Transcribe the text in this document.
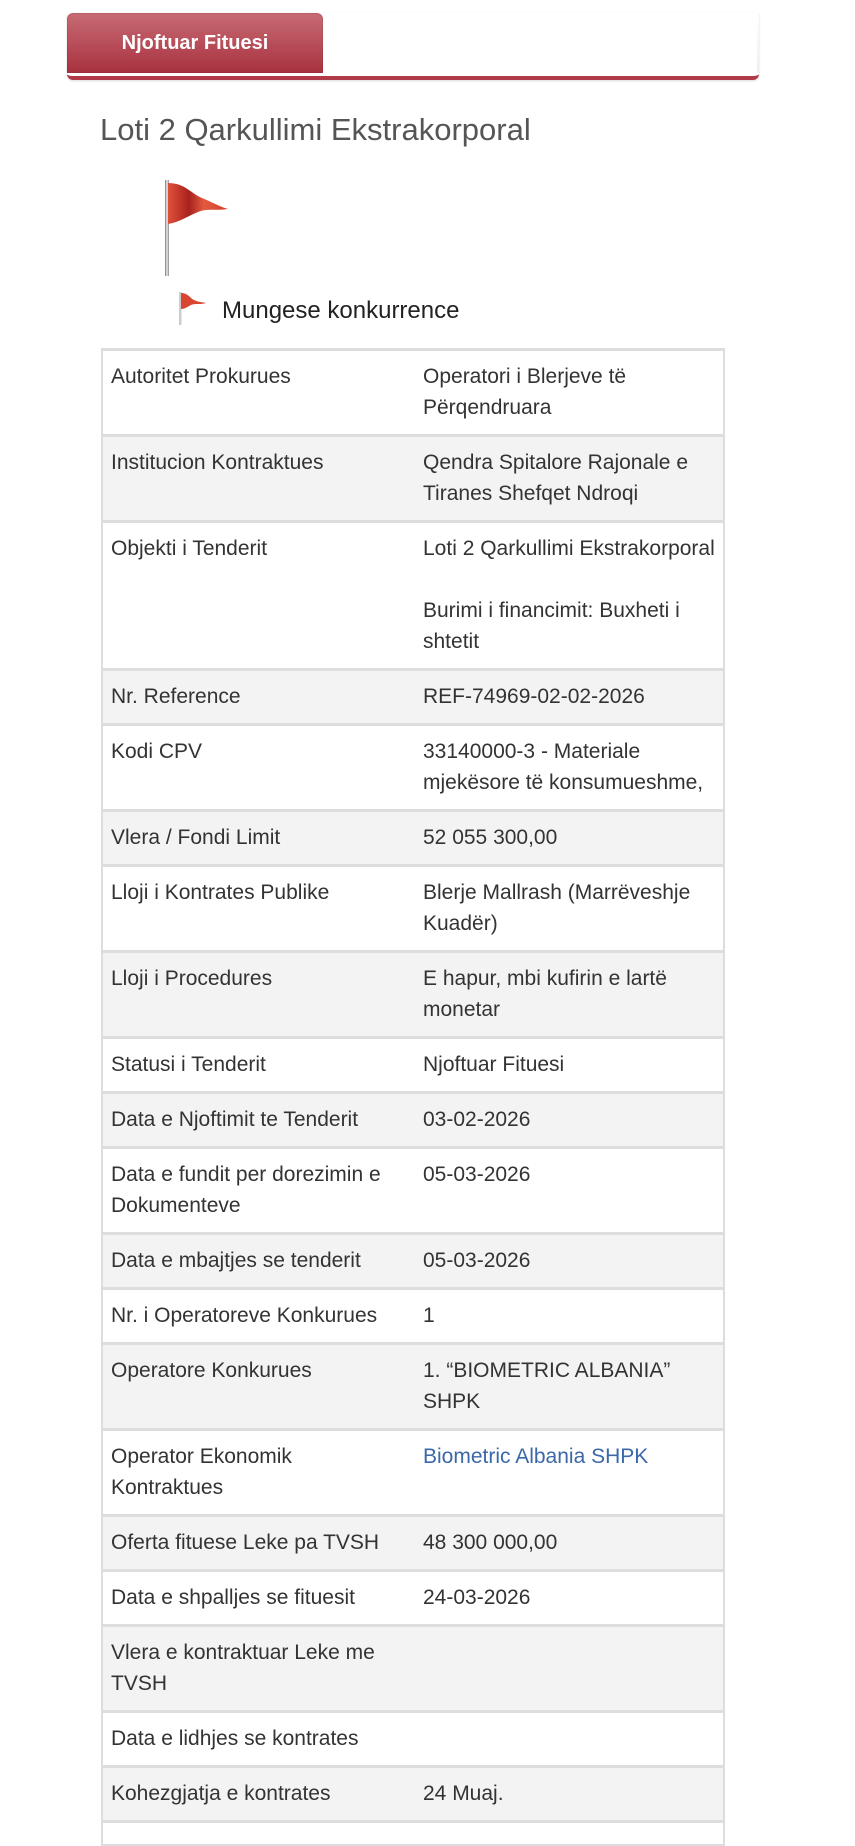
Njoftuar Fituesi
Loti 2 Qarkullimi Ekstrakorporal
Mungese konkurrence
Autoritet Prokurues	Operatori i Blerjeve të Përqendruara
Institucion Kontraktues	Qendra Spitalore Rajonale e Tiranes Shefqet Ndroqi
Objekti i Tenderit	Loti 2 Qarkullimi Ekstrakorporal
Burimi i financimit: Buxheti i shtetit

Nr. Reference	REF-74969-02-02-2026
Kodi CPV	33140000-3 - Materiale mjekësore të konsumueshme,
Vlera / Fondi Limit	52 055 300,00
Lloji i Kontrates Publike	Blerje Mallrash (Marrëveshje Kuadër)
Lloji i Procedures	E hapur, mbi kufirin e lartë monetar
Statusi i Tenderit	Njoftuar Fituesi
Data e Njoftimit te Tenderit	03-02-2026
Data e fundit per dorezimin e Dokumenteve	05-03-2026
Data e mbajtjes se tenderit	05-03-2026
Nr. i Operatoreve Konkurues	1
Operatore Konkurues	1. “BIOMETRIC ALBANIA” SHPK
Operator Ekonomik Kontraktues	Biometric Albania SHPK
Oferta fituese Leke pa TVSH	48 300 000,00
Data e shpalljes se fituesit	24-03-2026
Vlera e kontraktuar Leke me TVSH	
Data e lidhjes se kontrates	
Kohezgjatja e kontrates	24 Muaj.
